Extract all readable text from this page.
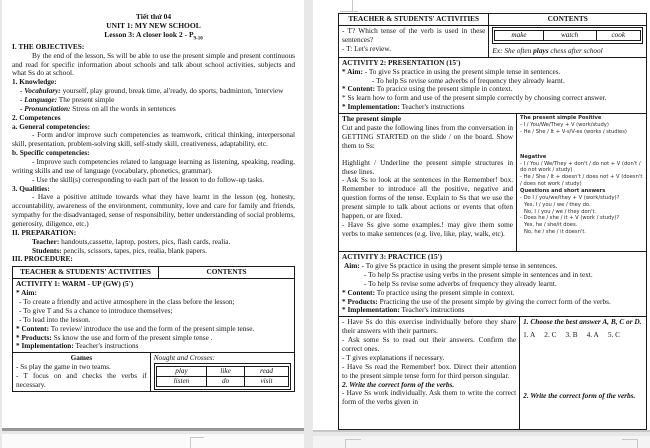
Tiết thứ 04

UNIT 1: MY NEW SCHOOL

Lesson 3: A closer look $2 - P_{9-10}$

I. THE OBJECTIVES:

By the end of the lesson, Ss will be able to use the present simple and present continuous and read for specific information about schools and talk about school activities, subjects and what Ss do at school.

1. Knowledge:

- Vocabulary: yourself, play ground, break time, al'ready, do sports, badminton, 'interview

- Language: The present simple

- Pronunciation: Stress on all the words in sentences

2. Competences

a. General competencies:

- Form and/or improve such competencies as teamwork, critical thinking, interpersonal skill, presentation, problem-solving skill, self-study skill, creativeness, adaptability, etc.

b. Specific competencies:

- Improve such competencies related to language learning as listening, speaking, reading, writing skills and use of language (vocabulary, phonetics, grammar).

- Use the skill(s) corresponding to each part of the lesson to do follow-up tasks.

3. Qualities:

- Have a positive attitude towards what they have learnt in the lesson (eg. honesty, accountability, awareness of the environment, community, love and care for family and friends, sympathy for the disadvantaged, sense of responsibility, better understanding of social problems, generosity, diligence, etc.)

II. PREPARATION:

Teacher: handouts,cassette, laptop, posters, pics, flash cards, realia.

Students: pencils, scissors, tapes, pics, realia, blank papers.

III. PROCEDURE:

TEACHER & STUDENTS' ACTIVITIES	CONTENTS

ACTIVITY 1: WARM - UP (GW) (5')

* Aim:

- To create a friendly and active atmosphere in the class before the lesson;

- To give T and Ss a chance to introduce themselves;

- To lead into the lesson.

* Content: To review/ introduce the use and the form of the present simple tense.

* Products: Ss know the use and form of the present simple tense .

* Implementation: Teacher's instructions

Games

- Ss play the game in two teams.

- T focus on and checks the verbs if necessary.

Nought and Crosses:

play	like	read
listen	do	visit
TEACHER & STUDENTS' ACTIVITIES	CONTENTS

- T? Which tense of the verb is used in these sentences?

- T: Let's review.

make	watch	cook

Ex: She often plays chess after school

ACTIVITY 2: PRESENTATION (15')

* Aim: - To give Ss practice in using the present simple tense in sentences.

- To help Ss revise some adverbs of frequency they already learnt.

* Content: To pracice using the present simple in context.

* Ss learn how to form and use of the present simple correctly by choosing correct answer.

* Implementation: Teacher's instructions

The present simple

Cut and paste the following lines from the conversation in GETTING STARTED on the slide / on the board. Show them to Ss:

Highlight / Underline the present simple structures in these lines.

- Ask Ss to look at the sentences in the Remember! box. Remember to introduce all the positive, negative and question forms of the tense. Explain to Ss that we use the present simple to talk about actions or events that often happen, or are fixed.

- Have Ss give some examples.! may give them some verbs to make sentences (e.g. live, like, play, walk, etc).

The present simple Positive

- I / You/We/They + V (work/study)

- He / She / It + V-s/V-es (works / studies)

Negative

- I / You / We/They + don't / do not + V (don't / do not work / study)

- He / She / It + doesn't / does not + V (doesn't / does not work / study)

Questions and short answers

- Do I / you/we/they + V (work/study)?

Yes, I / you / we / they do.

No, I / you / we / they don't.

- Does he / she / it + V (work / study)?

Yes, he / she/it does.

No, he / she / it doesn't.

ACTIVITY 3: PRACTICE (15')

Aim: - To give Ss practice in using the present simple tense in sentences.

- To help Ss practise using verbs in the present simple in sentences and in text.

- To help Ss revise some adverbs of frequency they already learnt.

* Content: To practice using the present simple in context.

* Products: Practicing the use of the present simple by giving the correct form of the verbs.

* Implementation: Teacher's instructions

- Have Ss do this exercise individually before they share their answers with their partners.

- Ask some Ss to read out their answers. Confirm the correct ones.

- T gives explanations if necessary.

- Have Ss read the Remember! box. Direct their attention to the present simple tense form for third person singular.

2. Write the correct form of the verbs.

- Have Ss work individually. Ask them to write the correct form of the verbs given in

1. Choose the best answer A, B, C or D.

1. A 2. C 3. B 4. A 5. C

2. Write the correct form of the verbs.
